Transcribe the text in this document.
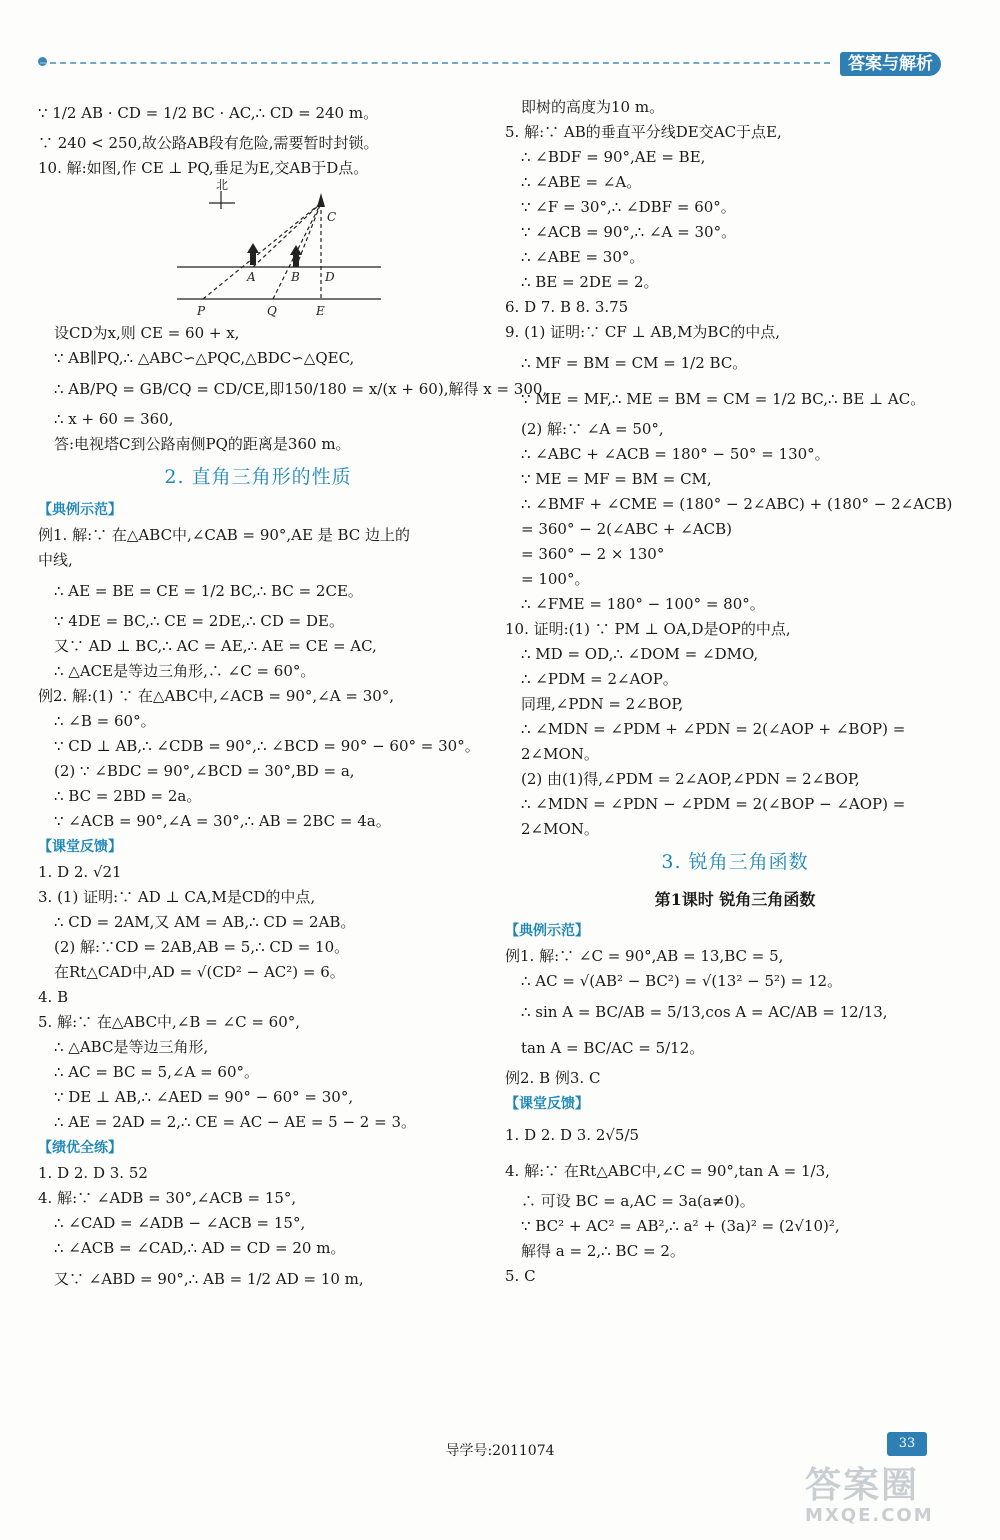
答案与解析
∵ 1/2 AB · CD = 1/2 BC · AC,∴ CD = 240 m。
∵ 240 < 250,故公路AB段有危险,需要暂时封锁。
10. 解:如图,作 CE ⊥ PQ,垂足为E,交AB于D点。
北
C
A	B D
P	Q	E
设CD为x,则 CE = 60 + x,
∵ AB∥PQ,∴ △ABC∽△PQC,△BDC∽△QEC,
∴ AB/PQ = GB/CQ = CD/CE,即150/180 = x/(x + 60),解得 x = 300,
∴ x + 60 = 360,
答:电视塔C到公路南侧PQ的距离是360 m。
2. 直角三角形的性质
【典例示范】
例1. 解:∵ 在△ABC中,∠CAB = 90°,AE 是 BC 边上的
中线,
∴ AE = BE = CE = 1/2 BC,∴ BC = 2CE。
∵ 4DE = BC,∴ CE = 2DE,∴ CD = DE。
又∵ AD ⊥ BC,∴ AC = AE,∴ AE = CE = AC,
∴ △ACE是等边三角形,∴ ∠C = 60°。
例2. 解:(1) ∵ 在△ABC中,∠ACB = 90°,∠A = 30°,
∴ ∠B = 60°。
∵ CD ⊥ AB,∴ ∠CDB = 90°,∴ ∠BCD = 90° − 60° = 30°。
(2) ∵ ∠BDC = 90°,∠BCD = 30°,BD = a,
∴ BC = 2BD = 2a。
∵ ∠ACB = 90°,∠A = 30°,∴ AB = 2BC = 4a。
【课堂反馈】
1. D 2. √21
3. (1) 证明:∵ AD ⊥ CA,M是CD的中点,
∴ CD = 2AM,又 AM = AB,∴ CD = 2AB。
(2) 解:∵CD = 2AB,AB = 5,∴ CD = 10。
在Rt△CAD中,AD = √(CD² − AC²) = 6。
4. B
5. 解:∵ 在△ABC中,∠B = ∠C = 60°,
∴ △ABC是等边三角形,
∴ AC = BC = 5,∠A = 60°。
∵ DE ⊥ AB,∴ ∠AED = 90° − 60° = 30°,
∴ AE = 2AD = 2,∴ CE = AC − AE = 5 − 2 = 3。
【绩优全练】
1. D 2. D 3. 52
4. 解:∵ ∠ADB = 30°,∠ACB = 15°,
∴ ∠CAD = ∠ADB − ∠ACB = 15°,
∴ ∠ACB = ∠CAD,∴ AD = CD = 20 m。
又∵ ∠ABD = 90°,∴ AB = 1/2 AD = 10 m,
即树的高度为10 m。
5. 解:∵ AB的垂直平分线DE交AC于点E,
∴ ∠BDF = 90°,AE = BE,
∴ ∠ABE = ∠A。
∵ ∠F = 30°,∴ ∠DBF = 60°。
∵ ∠ACB = 90°,∴ ∠A = 30°。
∴ ∠ABE = 30°。
∴ BE = 2DE = 2。
6. D 7. B 8. 3.75
9. (1) 证明:∵ CF ⊥ AB,M为BC的中点,
∴ MF = BM = CM = 1/2 BC。
∵ ME = MF,∴ ME = BM = CM = 1/2 BC,∴ BE ⊥ AC。
(2) 解:∵ ∠A = 50°,
∴ ∠ABC + ∠ACB = 180° − 50° = 130°。
∵ ME = MF = BM = CM,
∴ ∠BMF + ∠CME = (180° − 2∠ABC) + (180° − 2∠ACB)
= 360° − 2(∠ABC + ∠ACB)
= 360° − 2 × 130°
= 100°。
∴ ∠FME = 180° − 100° = 80°。
10. 证明:(1) ∵ PM ⊥ OA,D是OP的中点,
∴ MD = OD,∴ ∠DOM = ∠DMO,
∴ ∠PDM = 2∠AOP。
同理,∠PDN = 2∠BOP,
∴ ∠MDN = ∠PDM + ∠PDN = 2(∠AOP + ∠BOP) =
2∠MON。
(2) 由(1)得,∠PDM = 2∠AOP,∠PDN = 2∠BOP,
∴ ∠MDN = ∠PDN − ∠PDM = 2(∠BOP − ∠AOP) =
2∠MON。
3. 锐角三角函数
第1课时 锐角三角函数
【典例示范】
例1. 解:∵ ∠C = 90°,AB = 13,BC = 5,
∴ AC = √(AB² − BC²) = √(13² − 5²) = 12。
∴ sin A = BC/AB = 5/13,cos A = AC/AB = 12/13,
tan A = BC/AC = 5/12。
例2. B 例3. C
【课堂反馈】
1. D 2. D 3. 2√5/5
4. 解:∵ 在Rt△ABC中,∠C = 90°,tan A = 1/3,
∴ 可设 BC = a,AC = 3a(a≠0)。
∵ BC² + AC² = AB²,∴ a² + (3a)² = (2√10)²,
解得 a = 2,∴ BC = 2。
5. C
导学号:2011074	33
答案圈
MXQE.COM
